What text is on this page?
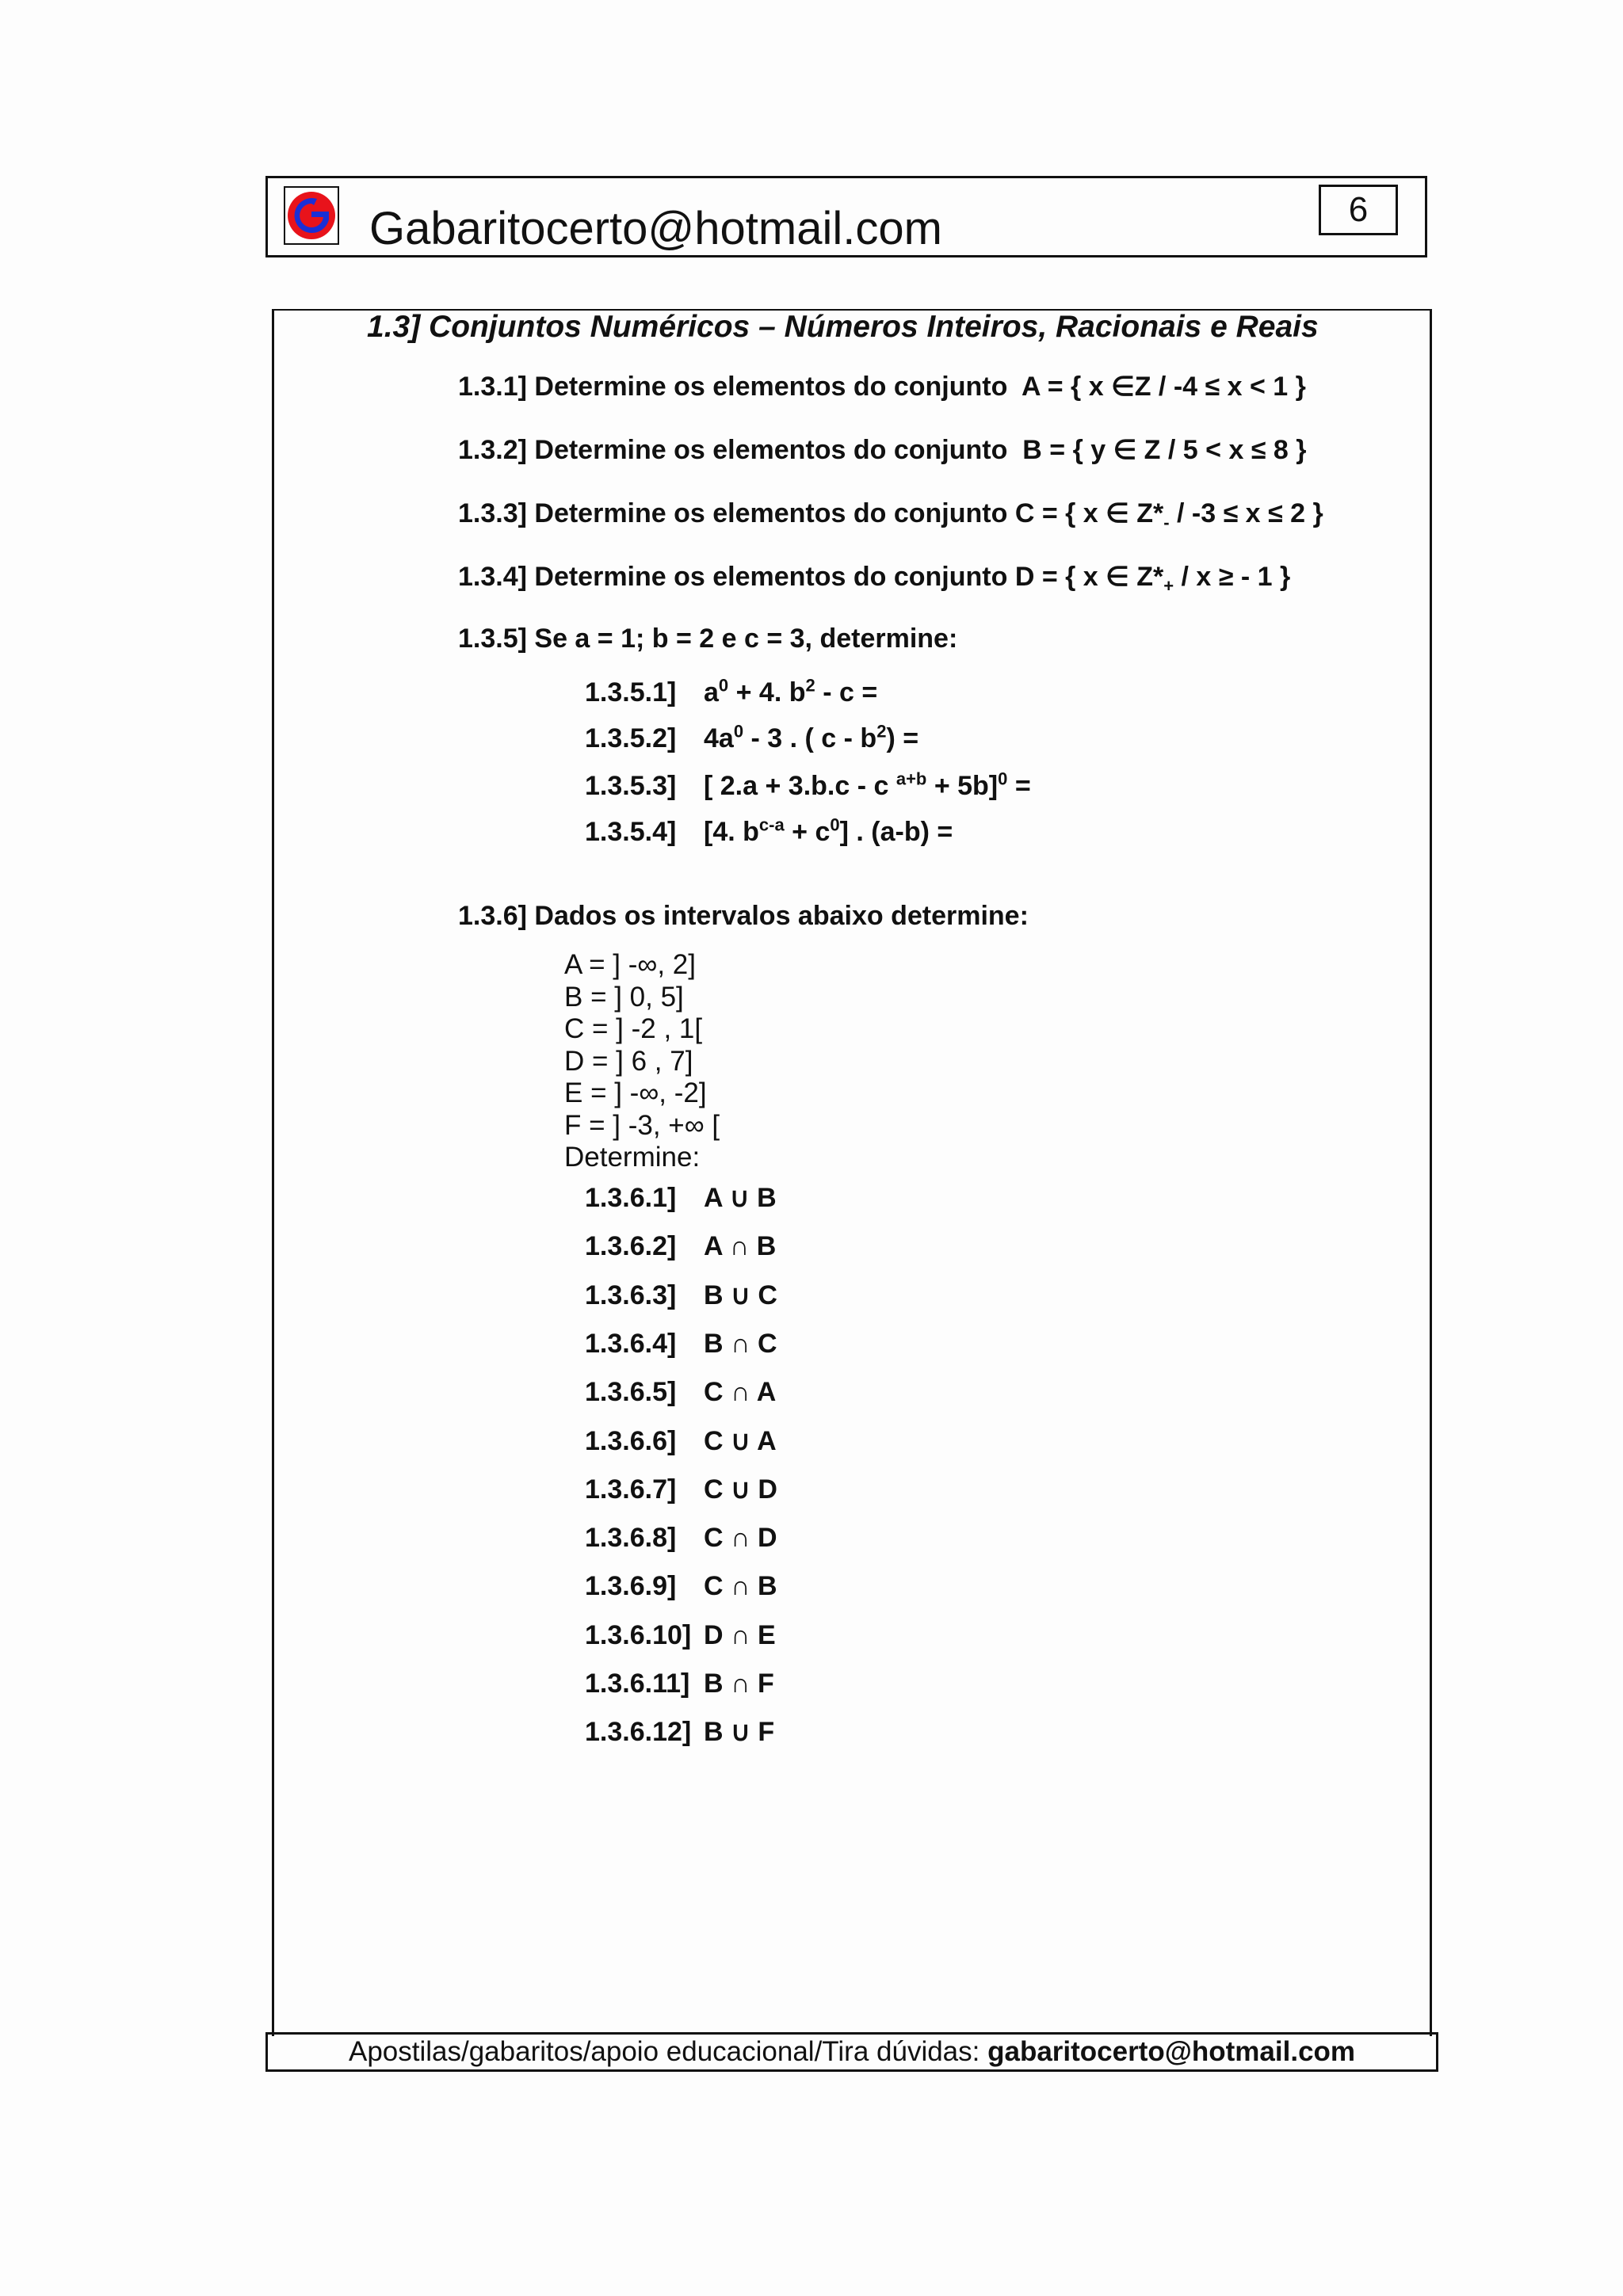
Gabaritocerto@hotmail.com	6
1.3] Conjuntos Numéricos – Números Inteiros, Racionais e Reais
1.3.1] Determine os elementos do conjunto A = { x ∈Z / -4 ≤ x < 1 }
1.3.2] Determine os elementos do conjunto B = { y ∈ Z / 5 < x ≤ 8 }
1.3.3] Determine os elementos do conjunto C = { x ∈ $Z*_- / -3 \le x \le 2$ }
1.3.4] Determine os elementos do conjunto D = { x ∈ $Z*_+$ / x ≥ - 1 }
1.3.5] Se a = 1; b = 2 e c = 3, determine:
1.3.5.1] $a^0 + 4$. $b^2$ - c =
1.3.5.2] $4a^0 - 3$ . ( c - $b^2$) =
1.3.5.3] [ 2.a + 3.b.c - c $^{a+b}$ + 5b]$^0$ =
1.3.5.4] [4. $b^{c-a} + c^0$] . (a-b) =
1.3.6] Dados os intervalos abaixo determine:
A = ] -∞, 2]
B = ] 0, 5]
C = ] -2 , 1[
D = ] 6 , 7]
E = ] -∞, -2]
F = ] -3, +∞ [
Determine:
1.3.6.1] A ∪ B
1.3.6.2] A ∩ B
1.3.6.3] B ∪ C
1.3.6.4] B ∩ C
1.3.6.5] C ∩ A
1.3.6.6] C ∪ A
1.3.6.7] C ∪ D
1.3.6.8] C ∩ D
1.3.6.9] C ∩ B
1.3.6.10] D ∩ E
1.3.6.11] B ∩ F
1.3.6.12] B ∪ F
Apostilas/gabaritos/apoio educacional/Tira dúvidas: gabaritocerto@hotmail.com
